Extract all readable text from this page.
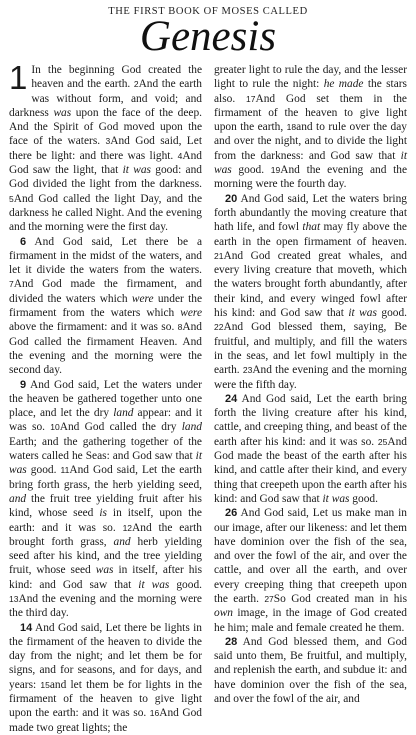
THE FIRST BOOK OF MOSES CALLED
Genesis

1 In the beginning God created the heaven and the earth. 2And the earth was without form, and void; and darkness was upon the face of the deep. And the Spirit of God moved upon the face of the waters. 3And God said, Let there be light: and there was light. 4And God saw the light, that it was good: and God divided the light from the darkness. 5And God called the light Day, and the darkness he called Night. And the evening and the morning were the first day.

6 And God said, Let there be a firmament in the midst of the waters, and let it divide the waters from the waters. 7And God made the firmament, and divided the waters which were under the firmament from the waters which were above the firmament: and it was so. 8And God called the firmament Heaven. And the evening and the morning were the second day.

9 And God said, Let the waters under the heaven be gathered together unto one place, and let the dry land appear: and it was so. 10And God called the dry land Earth; and the gathering together of the waters called he Seas: and God saw that it was good. 11And God said, Let the earth bring forth grass, the herb yielding seed, and the fruit tree yielding fruit after his kind, whose seed is in itself, upon the earth: and it was so. 12And the earth brought forth grass, and herb yielding seed after his kind, and the tree yielding fruit, whose seed was in itself, after his kind: and God saw that it was good. 13And the evening and the morning were the third day.

14 And God said, Let there be lights in the firmament of the heaven to divide the day from the night; and let them be for signs, and for seasons, and for days, and years: 15and let them be for lights in the firmament of the heaven to give light upon the earth: and it was so. 16And God made two great lights; the

greater light to rule the day, and the lesser light to rule the night: he made the stars also. 17And God set them in the firmament of the heaven to give light upon the earth, 18and to rule over the day and over the night, and to divide the light from the darkness: and God saw that it was good. 19And the evening and the morning were the fourth day.

20 And God said, Let the waters bring forth abundantly the moving creature that hath life, and fowl that may fly above the earth in the open firmament of heaven. 21And God created great whales, and every living creature that moveth, which the waters brought forth abundantly, after their kind, and every winged fowl after his kind: and God saw that it was good. 22And God blessed them, saying, Be fruitful, and multiply, and fill the waters in the seas, and let fowl multiply in the earth. 23And the evening and the morning were the fifth day.

24 And God said, Let the earth bring forth the living creature after his kind, cattle, and creeping thing, and beast of the earth after his kind: and it was so. 25And God made the beast of the earth after his kind, and cattle after their kind, and every thing that creepeth upon the earth after his kind: and God saw that it was good.

26 And God said, Let us make man in our image, after our likeness: and let them have dominion over the fish of the sea, and over the fowl of the air, and over the cattle, and over all the earth, and over every creeping thing that creepeth upon the earth. 27So God created man in his own image, in the image of God created he him; male and female created he them.

28 And God blessed them, and God said unto them, Be fruitful, and multiply, and replenish the earth, and subdue it: and have dominion over the fish of the sea, and over the fowl of the air, and
